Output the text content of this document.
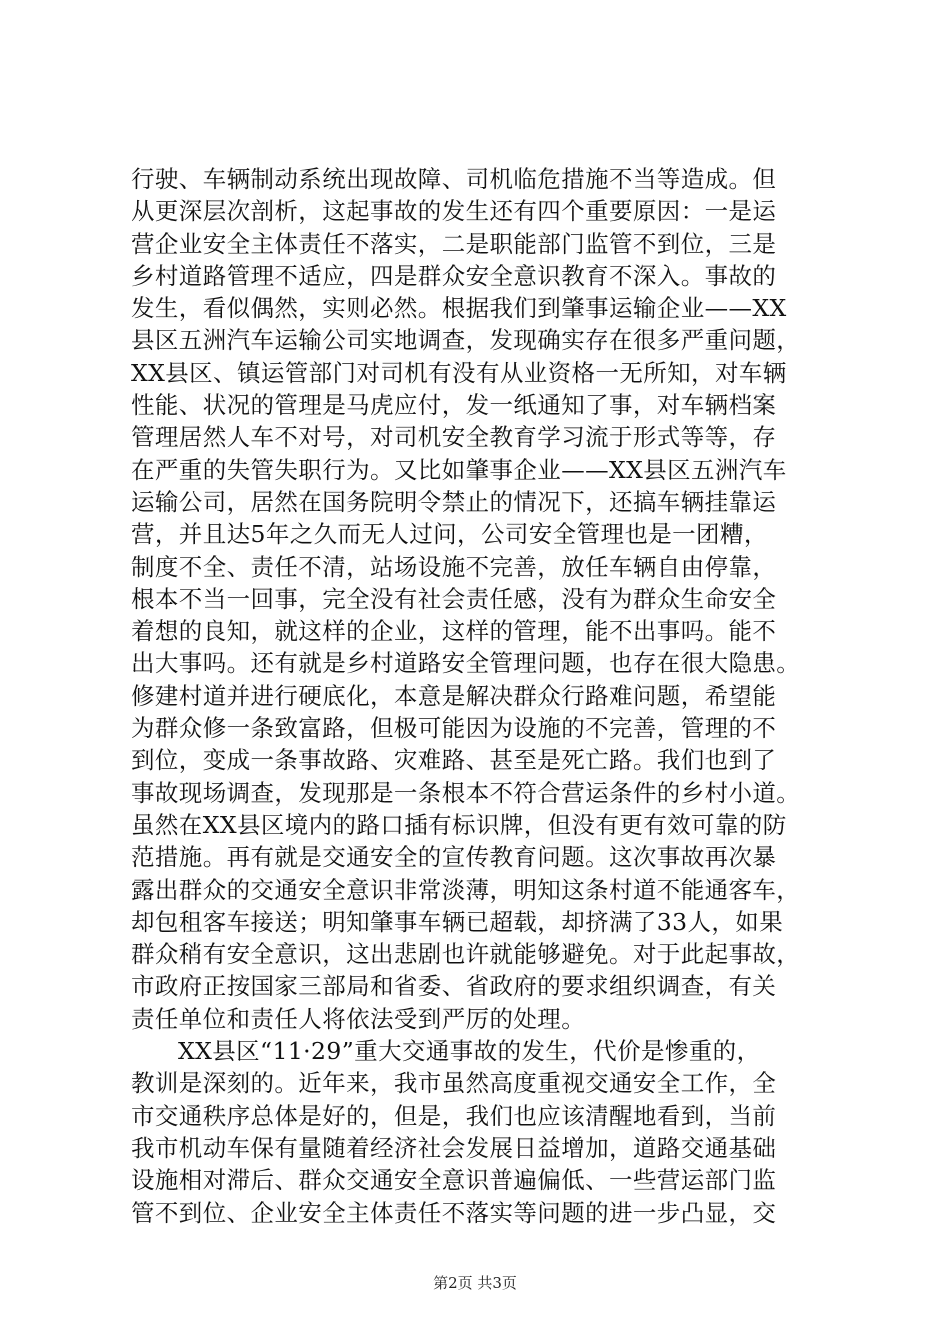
行驶、车辆制动系统出现故障、司机临危措施不当等造成。但
从更深层次剖析，这起事故的发生还有四个重要原因：一是运
营企业安全主体责任不落实，二是职能部门监管不到位，三是
乡村道路管理不适应，四是群众安全意识教育不深入。事故的
发生，看似偶然，实则必然。根据我们到肇事运输企业——XX
县区五洲汽车运输公司实地调查，发现确实存在很多严重问题，
XX县区、镇运管部门对司机有没有从业资格一无所知，对车辆
性能、状况的管理是马虎应付，发一纸通知了事，对车辆档案
管理居然人车不对号，对司机安全教育学习流于形式等等，存
在严重的失管失职行为。又比如肇事企业——XX县区五洲汽车
运输公司，居然在国务院明令禁止的情况下，还搞车辆挂靠运
营，并且达5年之久而无人过问，公司安全管理也是一团糟，
制度不全、责任不清，站场设施不完善，放任车辆自由停靠，
根本不当一回事，完全没有社会责任感，没有为群众生命安全
着想的良知，就这样的企业，这样的管理，能不出事吗。能不
出大事吗。还有就是乡村道路安全管理问题，也存在很大隐患。
修建村道并进行硬底化，本意是解决群众行路难问题，希望能
为群众修一条致富路，但极可能因为设施的不完善，管理的不
到位，变成一条事故路、灾难路、甚至是死亡路。我们也到了
事故现场调查，发现那是一条根本不符合营运条件的乡村小道。
虽然在XX县区境内的路口插有标识牌，但没有更有效可靠的防
范措施。再有就是交通安全的宣传教育问题。这次事故再次暴
露出群众的交通安全意识非常淡薄，明知这条村道不能通客车，
却包租客车接送；明知肇事车辆已超载，却挤满了33人，如果
群众稍有安全意识，这出悲剧也许就能够避免。对于此起事故，
市政府正按国家三部局和省委、省政府的要求组织调查，有关
责任单位和责任人将依法受到严厉的处理。
XX县区“11·29”重大交通事故的发生，代价是惨重的，
教训是深刻的。近年来，我市虽然高度重视交通安全工作，全
市交通秩序总体是好的，但是，我们也应该清醒地看到，当前
我市机动车保有量随着经济社会发展日益增加，道路交通基础
设施相对滞后、群众交通安全意识普遍偏低、一些营运部门监
管不到位、企业安全主体责任不落实等问题的进一步凸显，交
第2页 共3页
